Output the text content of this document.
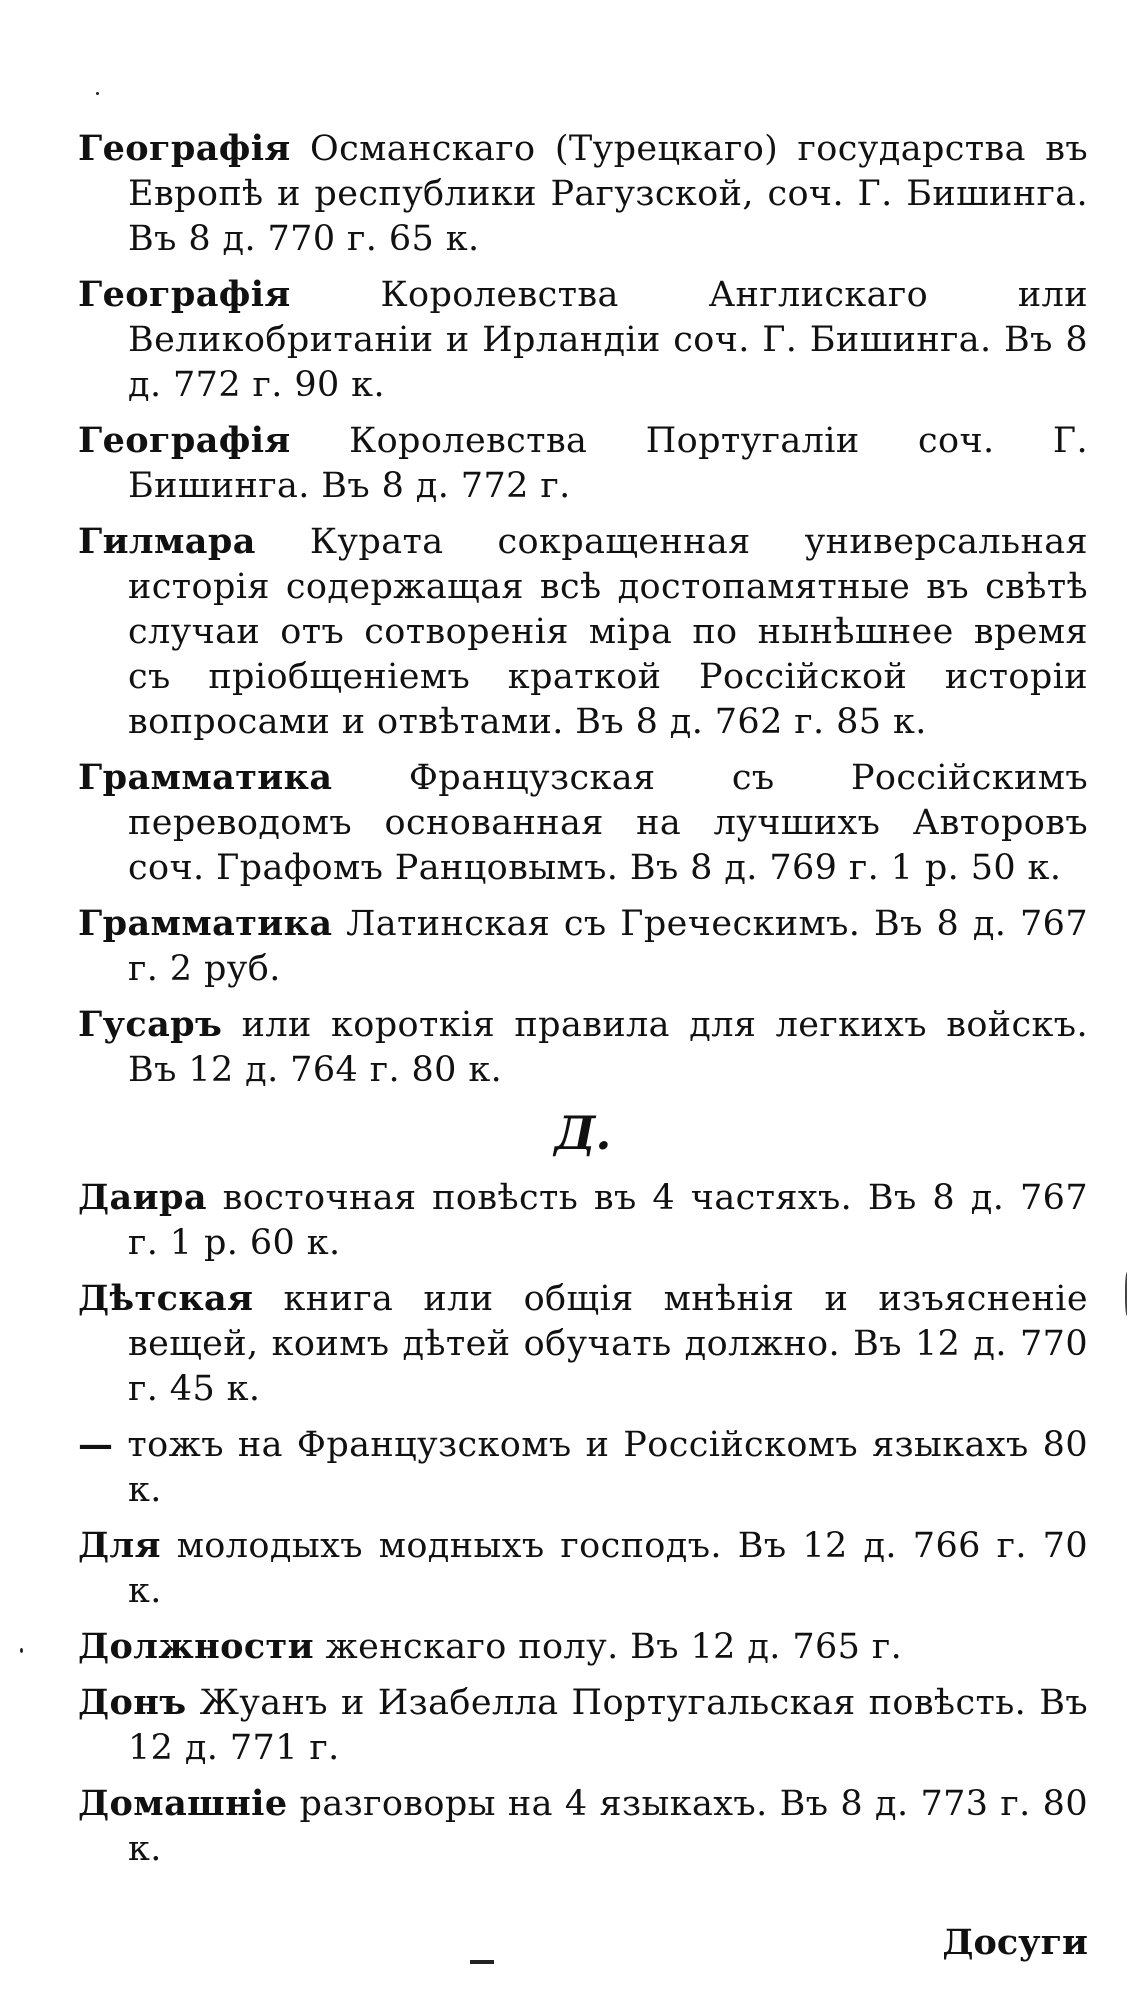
Географія Османскаго (Турецкаго) государства въ Европѣ и республики Рагузской, соч. Г. Бишинга. Въ 8 д. 770 г. 65 к.

Географія	Королевства Англискаго или Великобританіи и Ирландіи соч. Г. Бишинга. Въ 8 д. 772 г. 90 к.

Географія Королевства Португаліи соч. Г. Бишинга. Въ 8 д. 772 г.

Гилмара Курата сокращенная универсальная исторія содержащая всѣ достопамятные въ свѣтѣ случаи отъ сотворенія міра по нынѣшнее время съ пріобщеніемъ краткой Россійской исторіи вопросами и отвѣтами. Въ 8 д. 762 г. 85 к.

Грамматика Французская съ Россійскимъ переводомъ основанная на лучшихъ Авторовъ соч. Графомъ Ранцовымъ. Въ 8 д. 769 г. 1 р. 50 к.

Грамматика Латинская съ Греческимъ. Въ 8 д. 767 г. 2 руб.

Гусаръ или короткія правила для легкихъ войскъ. Въ 12 д. 764 г. 80 к.

Д.

Даира восточная повѣсть въ 4 частяхъ. Въ 8 д. 767 г. 1 р. 60 к.

Дѣтская книга или общія мнѣнія и изъясненіе вещей, коимъ дѣтей обучать должно. Въ 12 д. 770 г. 45 к.

— тожъ на Французскомъ и Россійскомъ языкахъ 80 к.

Для молодыхъ модныхъ господъ. Въ 12 д. 766 г. 70 к.

Должности женскаго полу. Въ 12 д. 765 г.

Донъ Жуанъ и Изабелла Португальская повѣсть. Въ 12 д. 771 г.

Домашніе разговоры на 4 языкахъ. Въ 8 д. 773 г. 80 к.

Досуги
